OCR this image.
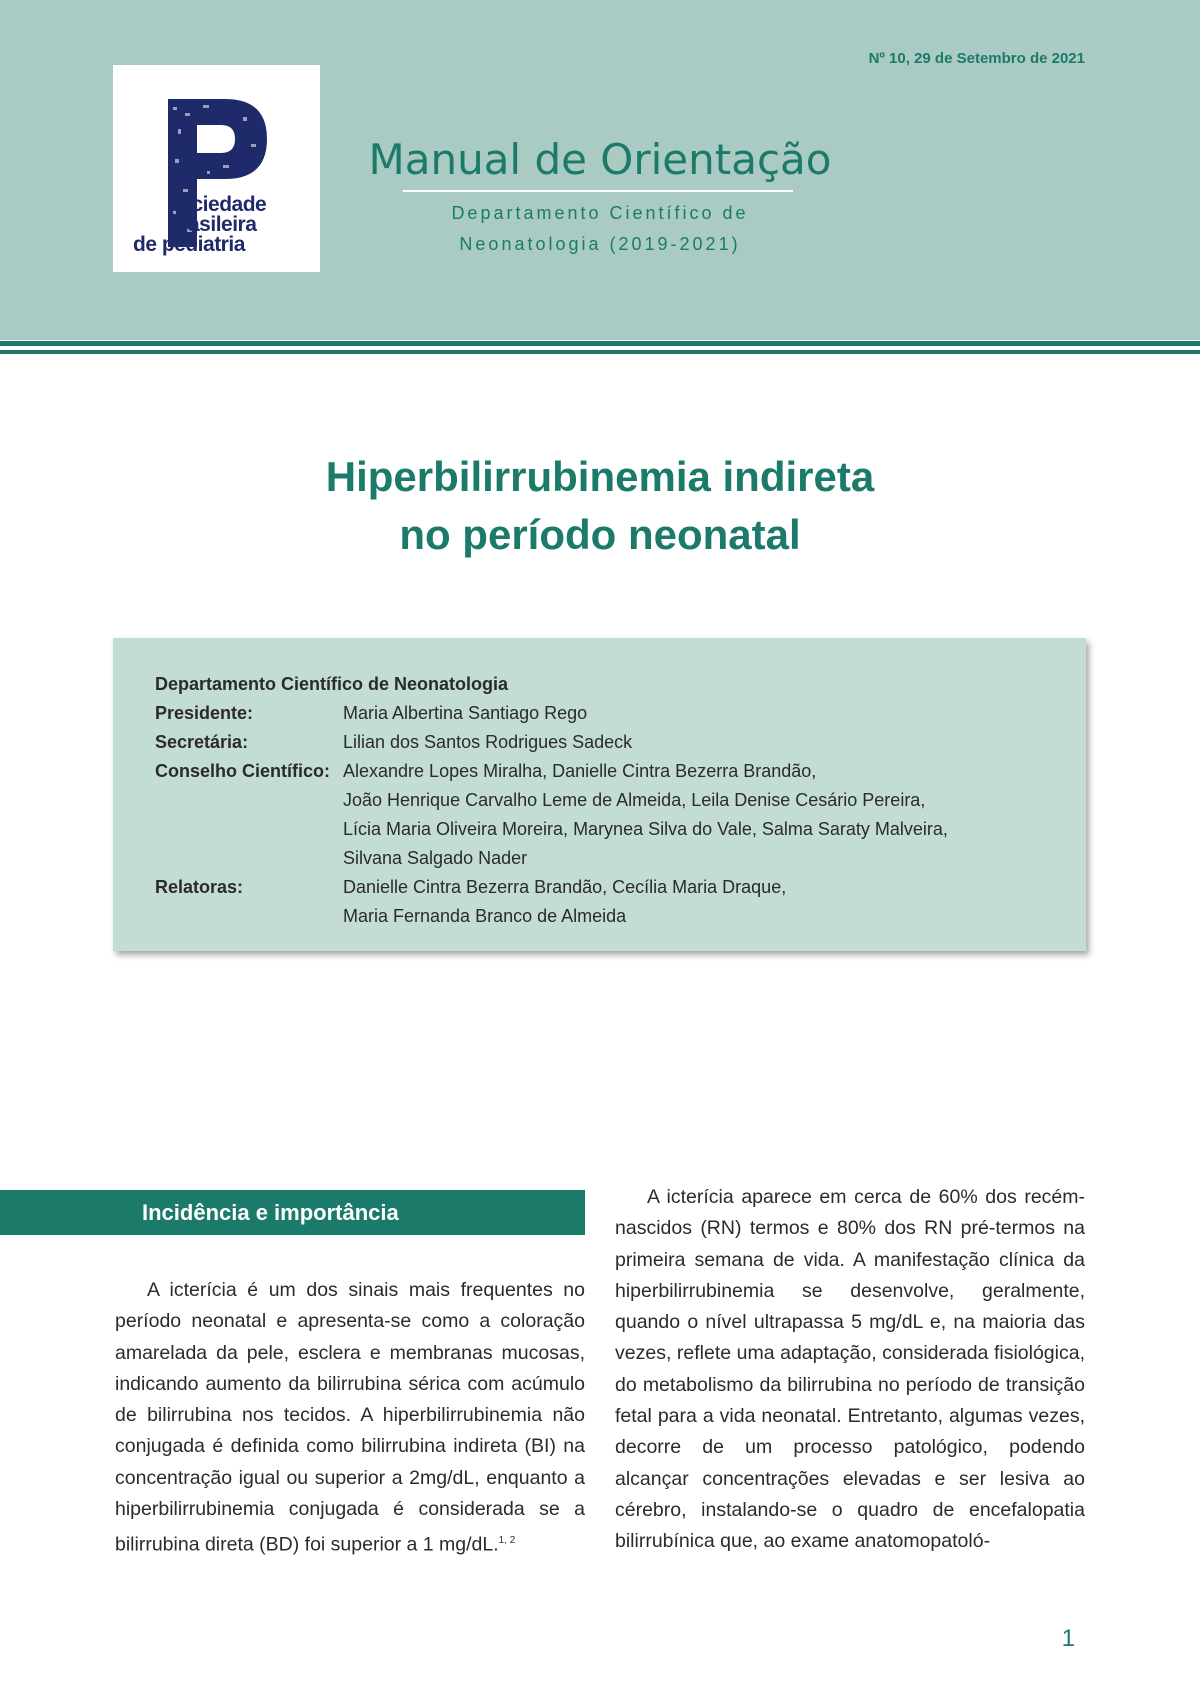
Nº 10, 29 de Setembro de 2021
sociedade
brasileira
de pediatria
Manual de Orientação
Departamento Científico de
Neonatologia (2019-2021)
Hiperbilirrubinemia indireta
no período neonatal
Departamento Científico de Neonatologia
Presidente:	Maria Albertina Santiago Rego
Secretária:	Lilian dos Santos Rodrigues Sadeck
Conselho Científico: Alexandre Lopes Miralha, Danielle Cintra Bezerra Brandão,
João Henrique Carvalho Leme de Almeida, Leila Denise Cesário Pereira,
Lícia Maria Oliveira Moreira, Marynea Silva do Vale, Salma Saraty Malveira,
Silvana Salgado Nader
Relatoras:	Danielle Cintra Bezerra Brandão, Cecília Maria Draque,
Maria Fernanda Branco de Almeida
Incidência e importância

A icterícia é um dos sinais mais frequentes no período neonatal e apresenta-se como a coloração amarelada da pele, esclera e membranas mucosas, indicando aumento da bilirrubina sérica com acúmulo de bilirrubina nos tecidos. A hiperbilirrubinemia não conjugada é definida como bilirrubina indireta (BI) na concentração igual ou superior a 2mg/dL, enquanto a hiperbilirrubinemia conjugada é considerada se a bilirrubina direta (BD) foi superior a 1 mg/dL.$^{1, 2}$

A icterícia aparece em cerca de 60% dos recém-nascidos (RN) termos e 80% dos RN pré-termos na primeira semana de vida. A manifestação clínica da hiperbilirrubinemia se desenvolve, geralmente, quando o nível ultrapassa 5 mg/dL e, na maioria das vezes, reflete uma adaptação, considerada fisiológica, do metabolismo da bilirrubina no período de transição fetal para a vida neonatal. Entretanto, algumas vezes, decorre de um processo patológico, podendo alcançar concentrações elevadas e ser lesiva ao cérebro, instalando-se o quadro de encefalopatia bilirrubínica que, ao exame anatomopatoló-

1
